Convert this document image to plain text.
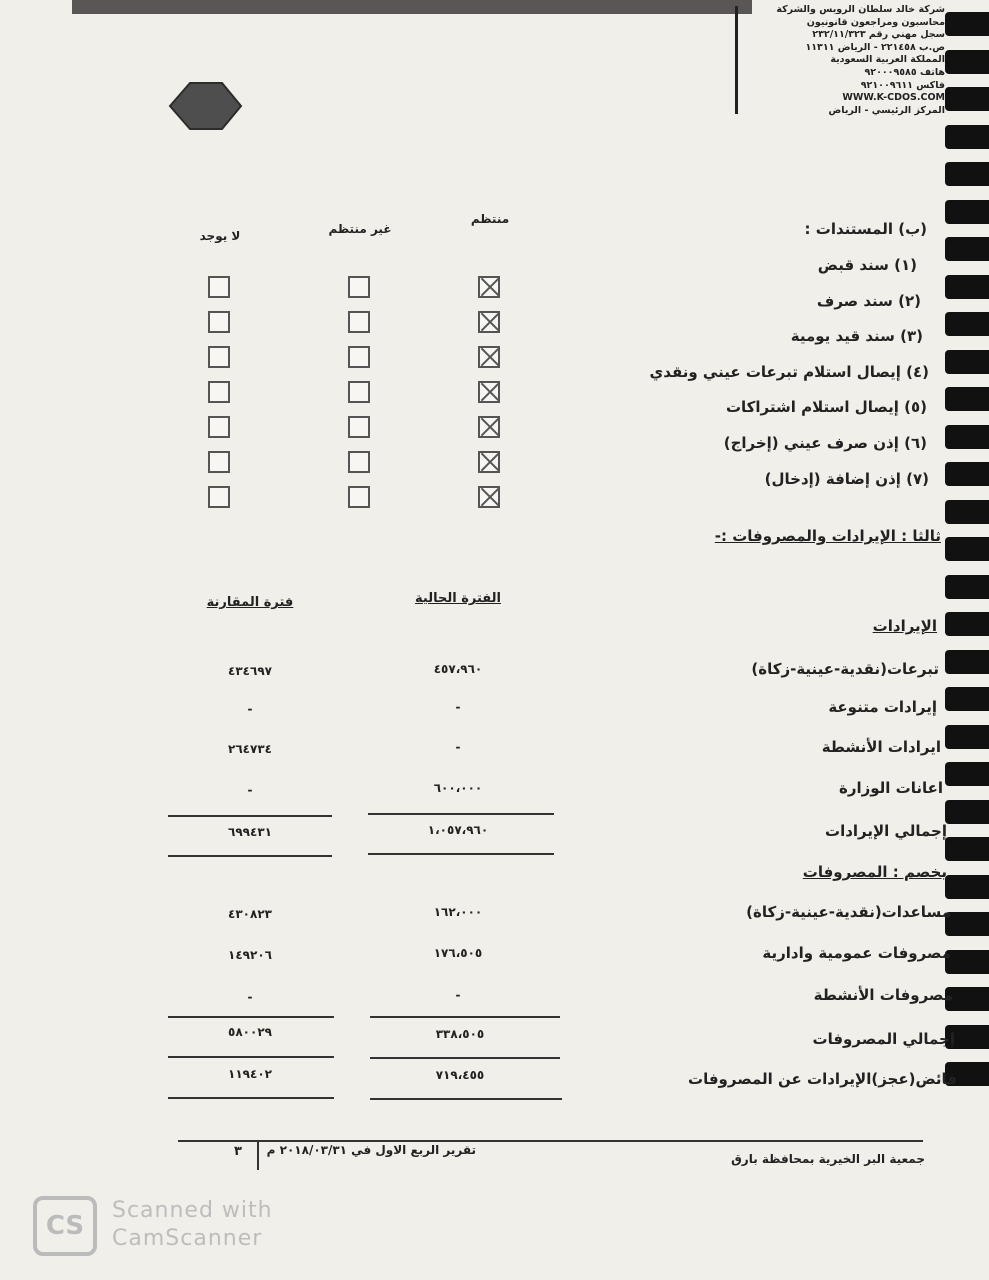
شركة خالد سلطان الرويس والشركة
محاسبون ومراجعون قانونيون
سجل مهني رقم ٢٣٢/١١/٣٢٣
ص.ب ٢٢١٤٥٨ - الرياض ١١٣١١
المملكة العربية السعودية
هاتف ٩٢٠٠٠٩٥٨٥
فاكس ٩٢١٠٠٩٦١١
WWW.K-CDOS.COM
المركز الرئيسي - الرياض
(ب) المستندات :
منتظم
غير منتظم
لا يوجد
(١) سند قبض
(٢) سند صرف
(٣) سند قيد يومية
(٤) إيصال استلام تبرعات عيني ونقدي
(٥) إيصال استلام اشتراكات
(٦) إذن صرف عيني (إخراج)
(٧) إذن إضافة (إدخال)
ثالثا : الإيرادات والمصروفات :-
الفترة الحالية
فترة المقارنة
الإيرادات
تبرعات(نقدية-عينية-زكاة)
٤٥٧،٩٦٠
٤٣٤٦٩٧
إيرادات متنوعة
-
-
ايرادات الأنشطة
-
٢٦٤٧٣٤
اعانات الوزارة
٦٠٠،٠٠٠
-
إجمالي الإيرادات
١،٠٥٧،٩٦٠
٦٩٩٤٣١
يخصم : المصروفات
مساعدات(نقدية-عينية-زكاة)
١٦٢،٠٠٠
٤٣٠٨٢٣
مصروفات عمومية وادارية
١٧٦،٥٠٥
١٤٩٢٠٦
مصروفات الأنشطة
-
-
إجمالي المصروفات
٣٣٨،٥٠٥
٥٨٠٠٢٩
فائض(عجز)الإيرادات عن المصروفات
٧١٩،٤٥٥
١١٩٤٠٢
جمعية البر الخيرية بمحافظة بارق
تقرير الربع الاول في ٢٠١٨/٠٣/٣١ م
٣
CS
Scanned with
CamScanner
